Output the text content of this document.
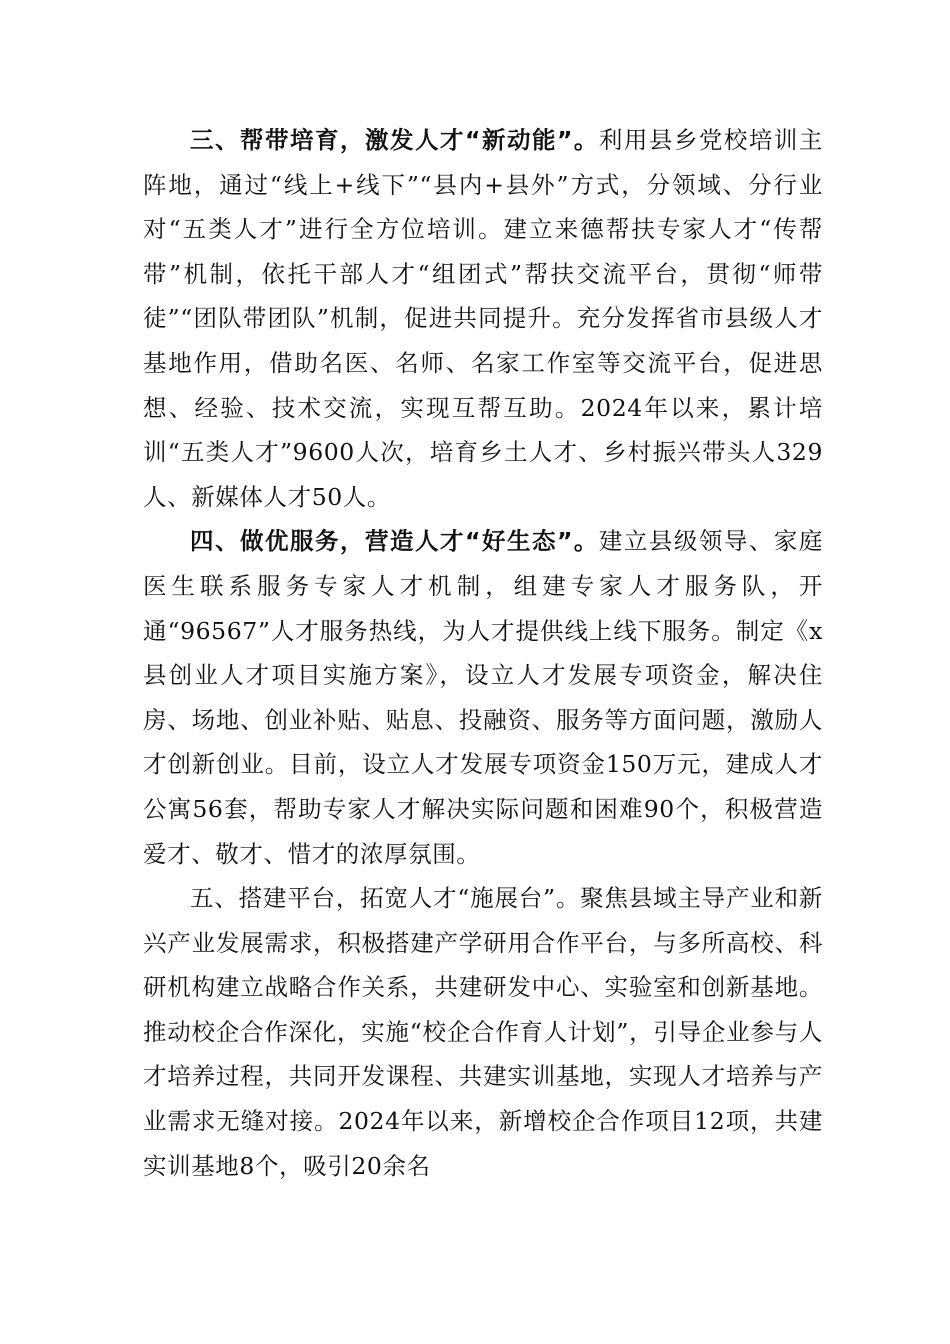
三、帮带培育，激发人才“新动能”。利用县乡党校培训主阵地，通过“线上+线下”“县内+县外”方式，分领域、分行业对“五类人才”进行全方位培训。建立来德帮扶专家人才“传帮带”机制，依托干部人才“组团式”帮扶交流平台，贯彻“师带徒”“团队带团队”机制，促进共同提升。充分发挥省市县级人才基地作用，借助名医、名师、名家工作室等交流平台，促进思想、经验、技术交流，实现互帮互助。2024年以来，累计培训“五类人才”9600人次，培育乡土人才、乡村振兴带头人329人、新媒体人才50人。

四、做优服务，营造人才“好生态”。建立县级领导、家庭医生联系服务专家人才机制，组建专家人才服务队，开通“96567”人才服务热线，为人才提供线上线下服务。制定《x县创业人才项目实施方案》，设立人才发展专项资金，解决住房、场地、创业补贴、贴息、投融资、服务等方面问题，激励人才创新创业。目前，设立人才发展专项资金150万元，建成人才公寓56套，帮助专家人才解决实际问题和困难90个，积极营造爱才、敬才、惜才的浓厚氛围。

五、搭建平台，拓宽人才“施展台”。聚焦县域主导产业和新兴产业发展需求，积极搭建产学研用合作平台，与多所高校、科研机构建立战略合作关系，共建研发中心、实验室和创新基地。推动校企合作深化，实施“校企合作育人计划”，引导企业参与人才培养过程，共同开发课程、共建实训基地，实现人才培养与产业需求无缝对接。2024年以来，新增校企合作项目12项，共建实训基地8个，吸引20余名
